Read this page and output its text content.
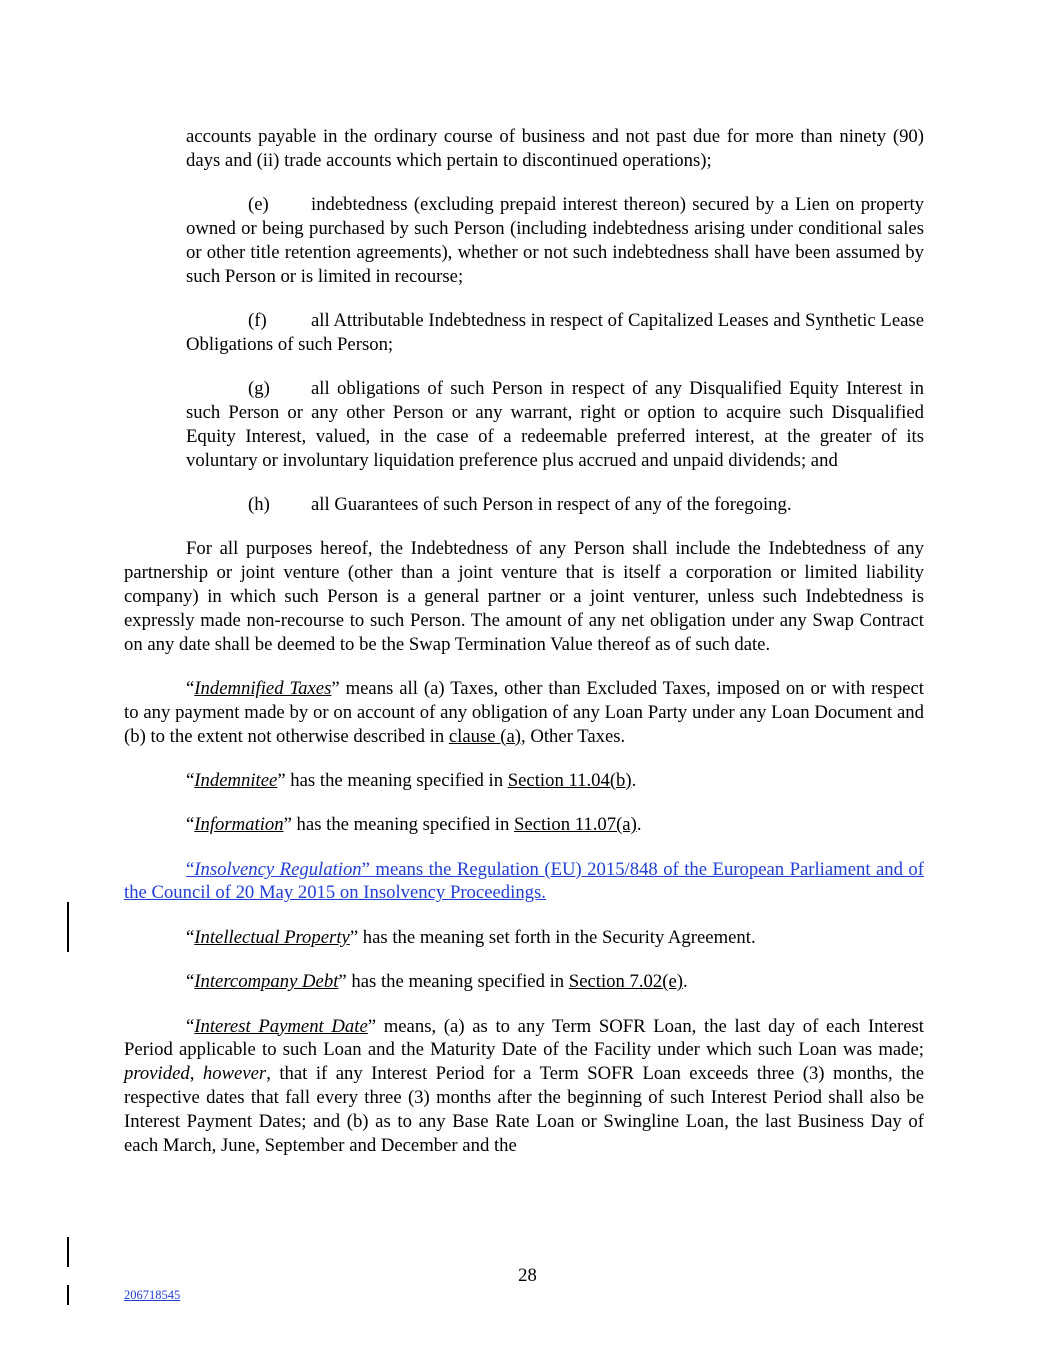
accounts payable in the ordinary course of business and not past due for more than ninety (90) days and (ii) trade accounts which pertain to discontinued operations);

(e) indebtedness (excluding prepaid interest thereon) secured by a Lien on property owned or being purchased by such Person (including indebtedness arising under conditional sales or other title retention agreements), whether or not such indebtedness shall have been assumed by such Person or is limited in recourse;

(f) all Attributable Indebtedness in respect of Capitalized Leases and Synthetic Lease Obligations of such Person;

(g) all obligations of such Person in respect of any Disqualified Equity Interest in such Person or any other Person or any warrant, right or option to acquire such Disqualified Equity Interest, valued, in the case of a redeemable preferred interest, at the greater of its voluntary or involuntary liquidation preference plus accrued and unpaid dividends; and

(h) all Guarantees of such Person in respect of any of the foregoing.

For all purposes hereof, the Indebtedness of any Person shall include the Indebtedness of any partnership or joint venture (other than a joint venture that is itself a corporation or limited liability company) in which such Person is a general partner or a joint venturer, unless such Indebtedness is expressly made non-recourse to such Person. The amount of any net obligation under any Swap Contract on any date shall be deemed to be the Swap Termination Value thereof as of such date.

“Indemnified Taxes” means all (a) Taxes, other than Excluded Taxes, imposed on or with respect to any payment made by or on account of any obligation of any Loan Party under any Loan Document and (b) to the extent not otherwise described in clause (a), Other Taxes.

“Indemnitee” has the meaning specified in Section 11.04(b).

“Information” has the meaning specified in Section 11.07(a).

“Insolvency Regulation” means the Regulation (EU) 2015/848 of the European Parliament and of the Council of 20 May 2015 on Insolvency Proceedings.

“Intellectual Property” has the meaning set forth in the Security Agreement.

“Intercompany Debt” has the meaning specified in Section 7.02(e).

“Interest Payment Date” means, (a) as to any Term SOFR Loan, the last day of each Interest Period applicable to such Loan and the Maturity Date of the Facility under which such Loan was made; provided, however, that if any Interest Period for a Term SOFR Loan exceeds three (3) months, the respective dates that fall every three (3) months after the beginning of such Interest Period shall also be Interest Payment Dates; and (b) as to any Base Rate Loan or Swingline Loan, the last Business Day of each March, June, September and December and the

28
206718545
